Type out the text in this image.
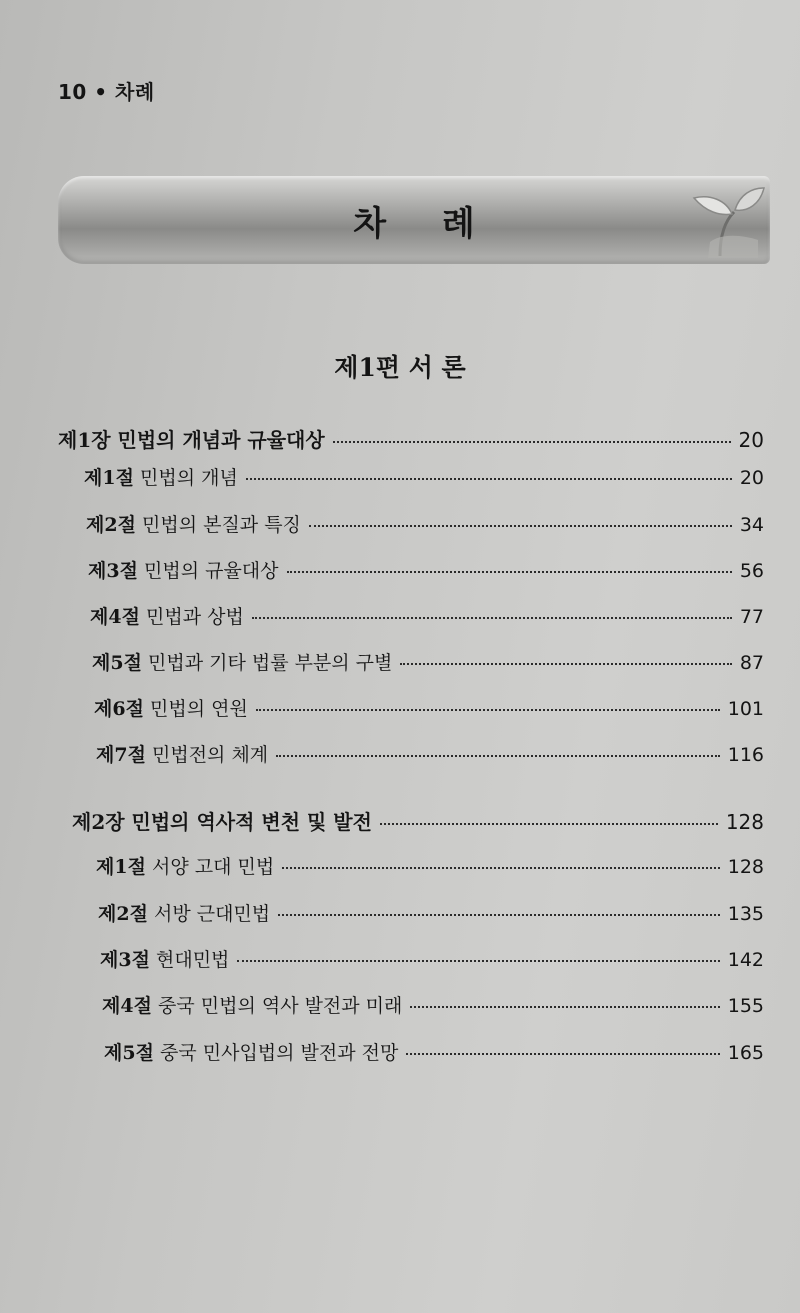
10 • 차례
차 례
제1편 서 론
제1장 민법의 개념과 규율대상	20
제1절 민법의 개념	20
제2절 민법의 본질과 특징	34
제3절 민법의 규율대상	56
제4절 민법과 상법	77
제5절 민법과 기타 법률 부분의 구별	87
제6절 민법의 연원	101
제7절 민법전의 체계	116
제2장 민법의 역사적 변천 및 발전	128
제1절 서양 고대 민법	128
제2절 서방 근대민법	135
제3절 현대민법	142
제4절 중국 민법의 역사 발전과 미래	155
제5절 중국 민사입법의 발전과 전망	165
